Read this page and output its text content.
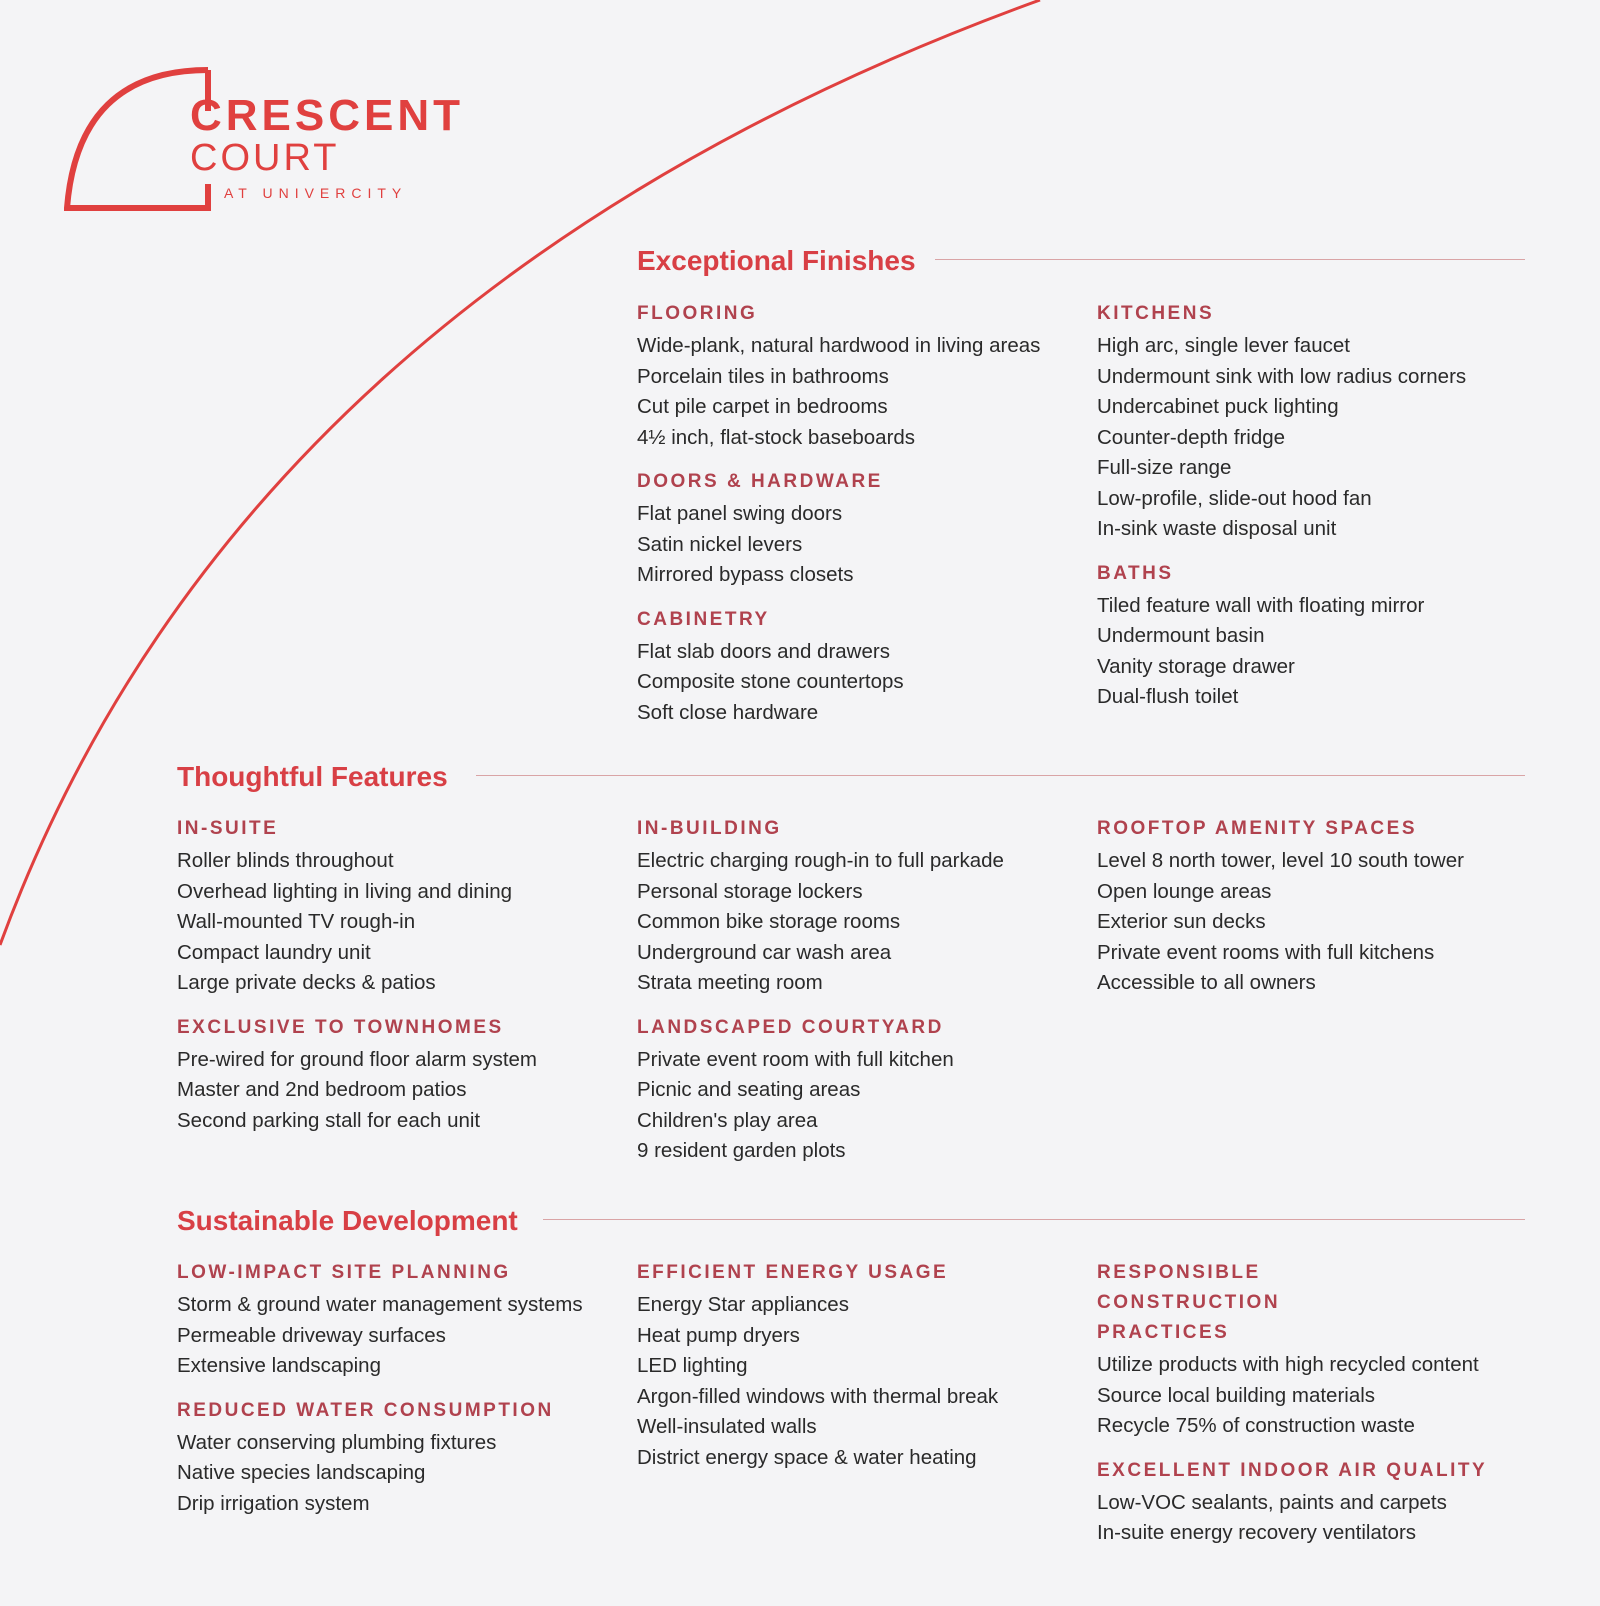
CRESCENT
COURT
AT UNIVERCITY
Exceptional Finishes
FLOORING
Wide-plank, natural hardwood in living areas
Porcelain tiles in bathrooms
Cut pile carpet in bedrooms
4½ inch, flat-stock baseboards
DOORS & HARDWARE
Flat panel swing doors
Satin nickel levers
Mirrored bypass closets
CABINETRY
Flat slab doors and drawers
Composite stone countertops
Soft close hardware
KITCHENS
High arc, single lever faucet
Undermount sink with low radius corners
Undercabinet puck lighting
Counter-depth fridge
Full-size range
Low-profile, slide-out hood fan
In-sink waste disposal unit
BATHS
Tiled feature wall with floating mirror
Undermount basin
Vanity storage drawer
Dual-flush toilet
Thoughtful Features
IN-SUITE
Roller blinds throughout
Overhead lighting in living and dining
Wall-mounted TV rough-in
Compact laundry unit
Large private decks & patios
EXCLUSIVE TO TOWNHOMES
Pre-wired for ground floor alarm system
Master and 2nd bedroom patios
Second parking stall for each unit
IN-BUILDING
Electric charging rough-in to full parkade
Personal storage lockers
Common bike storage rooms
Underground car wash area
Strata meeting room
LANDSCAPED COURTYARD
Private event room with full kitchen
Picnic and seating areas
Children's play area
9 resident garden plots
ROOFTOP AMENITY SPACES
Level 8 north tower, level 10 south tower
Open lounge areas
Exterior sun decks
Private event rooms with full kitchens
Accessible to all owners
Sustainable Development
LOW-IMPACT SITE PLANNING
Storm & ground water management systems
Permeable driveway surfaces
Extensive landscaping
REDUCED WATER CONSUMPTION
Water conserving plumbing fixtures
Native species landscaping
Drip irrigation system
EFFICIENT ENERGY USAGE
Energy Star appliances
Heat pump dryers
LED lighting
Argon-filled windows with thermal break
Well-insulated walls
District energy space & water heating
RESPONSIBLE CONSTRUCTION PRACTICES
Utilize products with high recycled content
Source local building materials
Recycle 75% of construction waste
EXCELLENT INDOOR AIR QUALITY
Low-VOC sealants, paints and carpets
In-suite energy recovery ventilators
